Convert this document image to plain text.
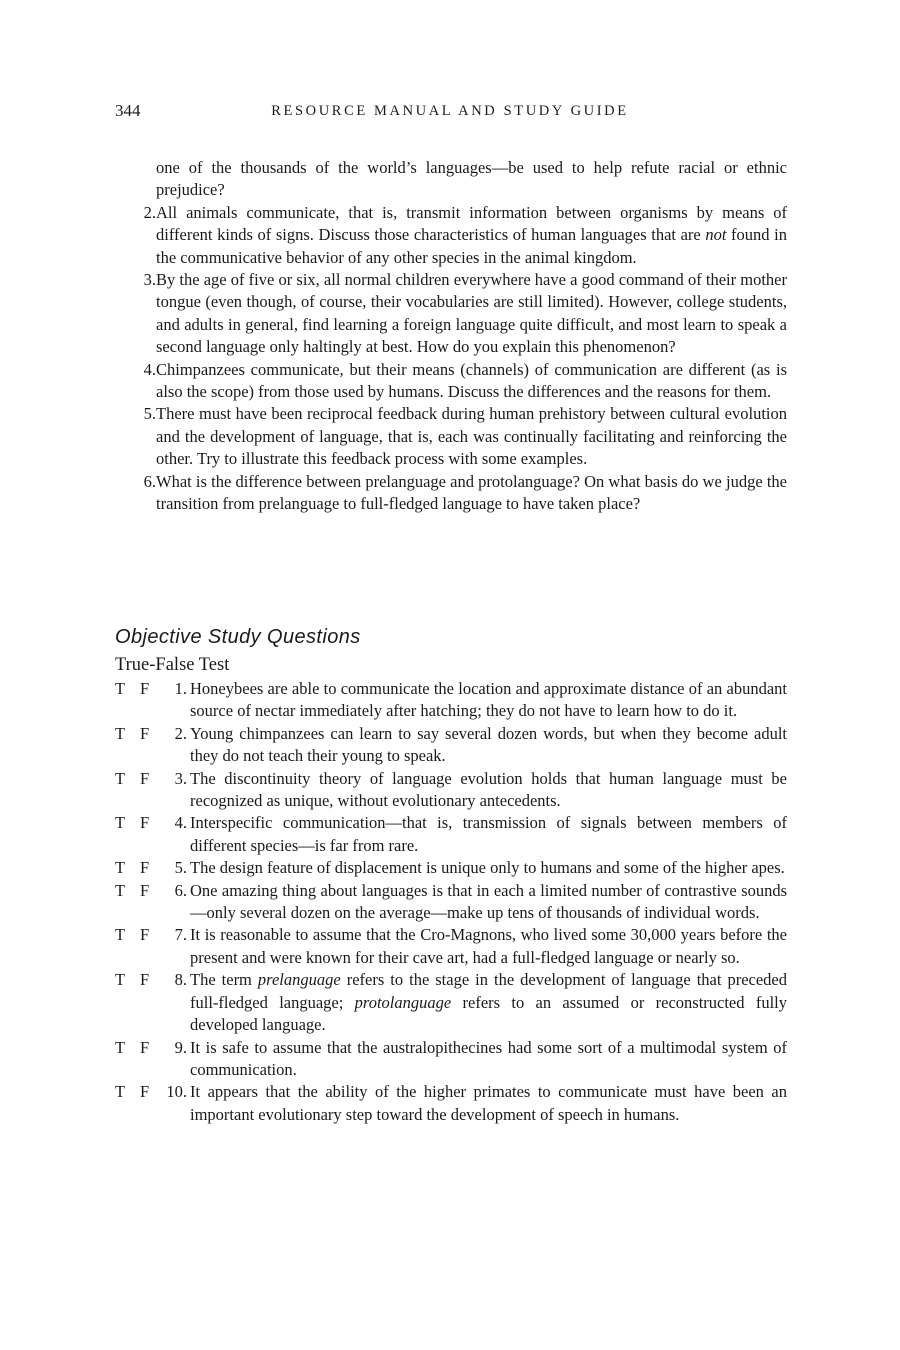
344	RESOURCE MANUAL AND STUDY GUIDE
one of the thousands of the world’s languages—be used to help refute racial or ethnic prejudice?
2. All animals communicate, that is, transmit information between organisms by means of different kinds of signs. Discuss those characteristics of human languages that are not found in the communicative behavior of any other species in the animal kingdom.
3. By the age of five or six, all normal children everywhere have a good command of their mother tongue (even though, of course, their vocabularies are still limited). However, college students, and adults in general, find learning a foreign language quite difficult, and most learn to speak a second language only haltingly at best. How do you explain this phenomenon?
4. Chimpanzees communicate, but their means (channels) of communication are different (as is also the scope) from those used by humans. Discuss the differences and the reasons for them.
5. There must have been reciprocal feedback during human prehistory between cultural evolution and the development of language, that is, each was continually facilitating and reinforcing the other. Try to illustrate this feedback process with some examples.
6. What is the difference between prelanguage and protolanguage? On what basis do we judge the transition from prelanguage to full-fledged language to have taken place?
Objective Study Questions
True-False Test
T F	1. Honeybees are able to communicate the location and approximate distance of an abundant source of nectar immediately after hatching; they do not have to learn how to do it.
T F	2. Young chimpanzees can learn to say several dozen words, but when they become adult they do not teach their young to speak.
T F	3. The discontinuity theory of language evolution holds that human language must be recognized as unique, without evolutionary antecedents.
T F	4. Interspecific communication—that is, transmission of signals between members of different species—is far from rare.
T F	5. The design feature of displacement is unique only to humans and some of the higher apes.
T F	6. One amazing thing about languages is that in each a limited number of contrastive sounds—only several dozen on the average—make up tens of thousands of individual words.
T F	7. It is reasonable to assume that the Cro-Magnons, who lived some 30,000 years before the present and were known for their cave art, had a full-fledged language or nearly so.
T F	8. The term prelanguage refers to the stage in the development of language that preceded full-fledged language; protolanguage refers to an assumed or reconstructed fully developed language.
T F	9. It is safe to assume that the australopithecines had some sort of a multimodal system of communication.
T F	10. It appears that the ability of the higher primates to communicate must have been an important evolutionary step toward the development of speech in humans.
